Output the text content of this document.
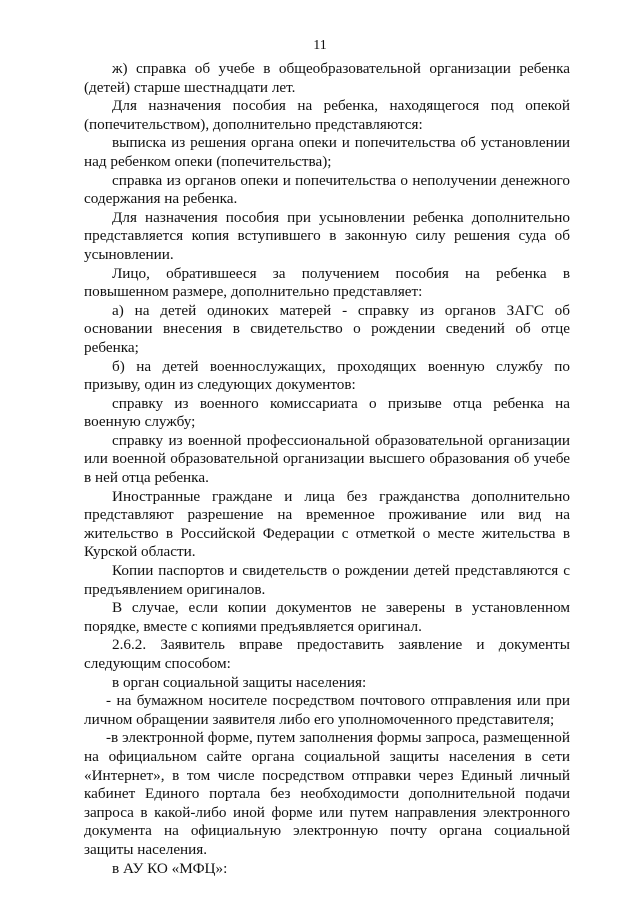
11

ж) справка об учебе в общеобразовательной организации ребенка (детей) старше шестнадцати лет.

Для назначения пособия на ребенка, находящегося под опекой (попечительством), дополнительно представляются:

выписка из решения органа опеки и попечительства об установлении над ребенком опеки (попечительства);

справка из органов опеки и попечительства о неполучении денежного содержания на ребенка.

Для назначения пособия при усыновлении ребенка дополнительно представляется копия вступившего в законную силу решения суда об усыновлении.

Лицо, обратившееся за получением пособия на ребенка в повышенном размере, дополнительно представляет:

а) на детей одиноких матерей - справку из органов ЗАГС об основании внесения в свидетельство о рождении сведений об отце ребенка;

б) на детей военнослужащих, проходящих военную службу по призыву, один из следующих документов:

справку из военного комиссариата о призыве отца ребенка на военную службу;

справку из военной профессиональной образовательной организации или военной образовательной организации высшего образования об учебе в ней отца ребенка.

Иностранные граждане и лица без гражданства дополнительно представляют разрешение на временное проживание или вид на жительство в Российской Федерации с отметкой о месте жительства в Курской области.

Копии паспортов и свидетельств о рождении детей представляются с предъявлением оригиналов.

В случае, если копии документов не заверены в установленном порядке, вместе с копиями предъявляется оригинал.

2.6.2. Заявитель вправе предоставить заявление и документы следующим способом:

в орган социальной защиты населения:

- на бумажном носителе посредством почтового отправления или при личном обращении заявителя либо его уполномоченного представителя;

-в электронной форме, путем заполнения формы запроса, размещенной на официальном сайте органа социальной защиты населения в сети «Интернет», в том числе посредством отправки через Единый личный кабинет Единого портала без необходимости дополнительной подачи запроса в какой-либо иной форме или путем направления электронного документа на официальную электронную почту органа социальной защиты населения.

в АУ КО «МФЦ»:
